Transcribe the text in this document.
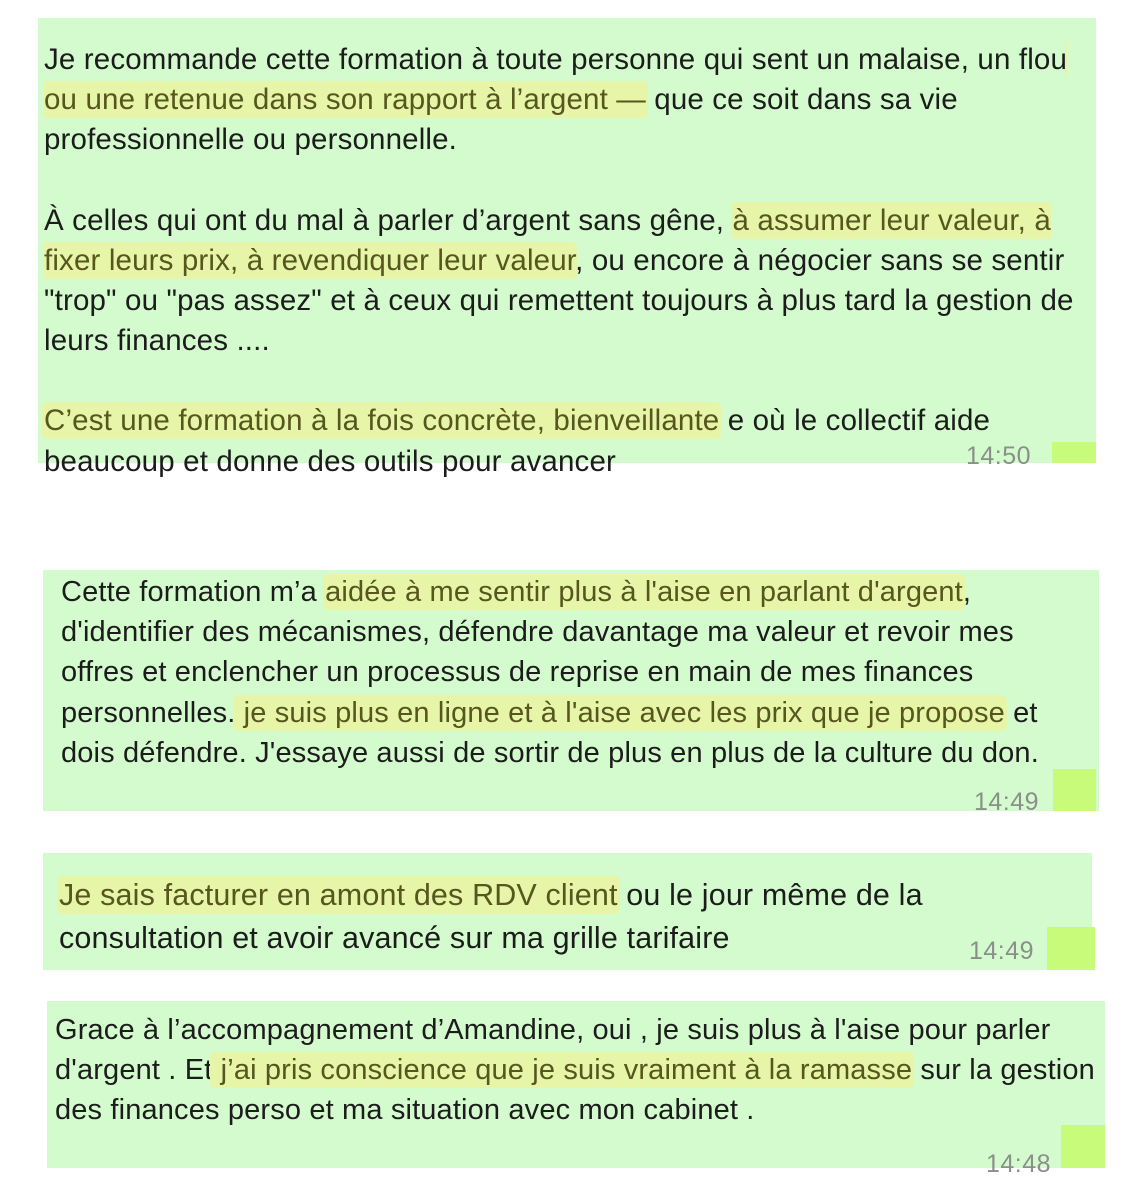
Je recommande cette formation à toute personne qui sent un malaise, un flou ou une retenue dans son rapport à l’argent — que ce soit dans sa vie professionnelle ou personnelle.

À celles qui ont du mal à parler d’argent sans gêne, à assumer leur valeur, à fixer leurs prix, à revendiquer leur valeur, ou encore à négocier sans se sentir "trop" ou "pas assez" et à ceux qui remettent toujours à plus tard la gestion de leurs finances ....

C’est une formation à la fois concrète, bienveillante e où le collectif aide beaucoup et donne des outils pour avancer	14:50

Cette formation m’a aidée à me sentir plus à l'aise en parlant d'argent, d'identifier des mécanismes, défendre davantage ma valeur et revoir mes offres et enclencher un processus de reprise en main de mes finances personnelles. je suis plus en ligne et à l'aise avec les prix que je propose et dois défendre. J'essaye aussi de sortir de plus en plus de la culture du don.

14:49

Je sais facturer en amont des RDV client ou le jour même de la consultation et avoir avancé sur ma grille tarifaire	14:49

Grace à l’accompagnement d’Amandine, oui , je suis plus à l'aise pour parler d'argent . Et j’ai pris conscience que je suis vraiment à la ramasse sur la gestion des finances perso et ma situation avec mon cabinet .

14:48
